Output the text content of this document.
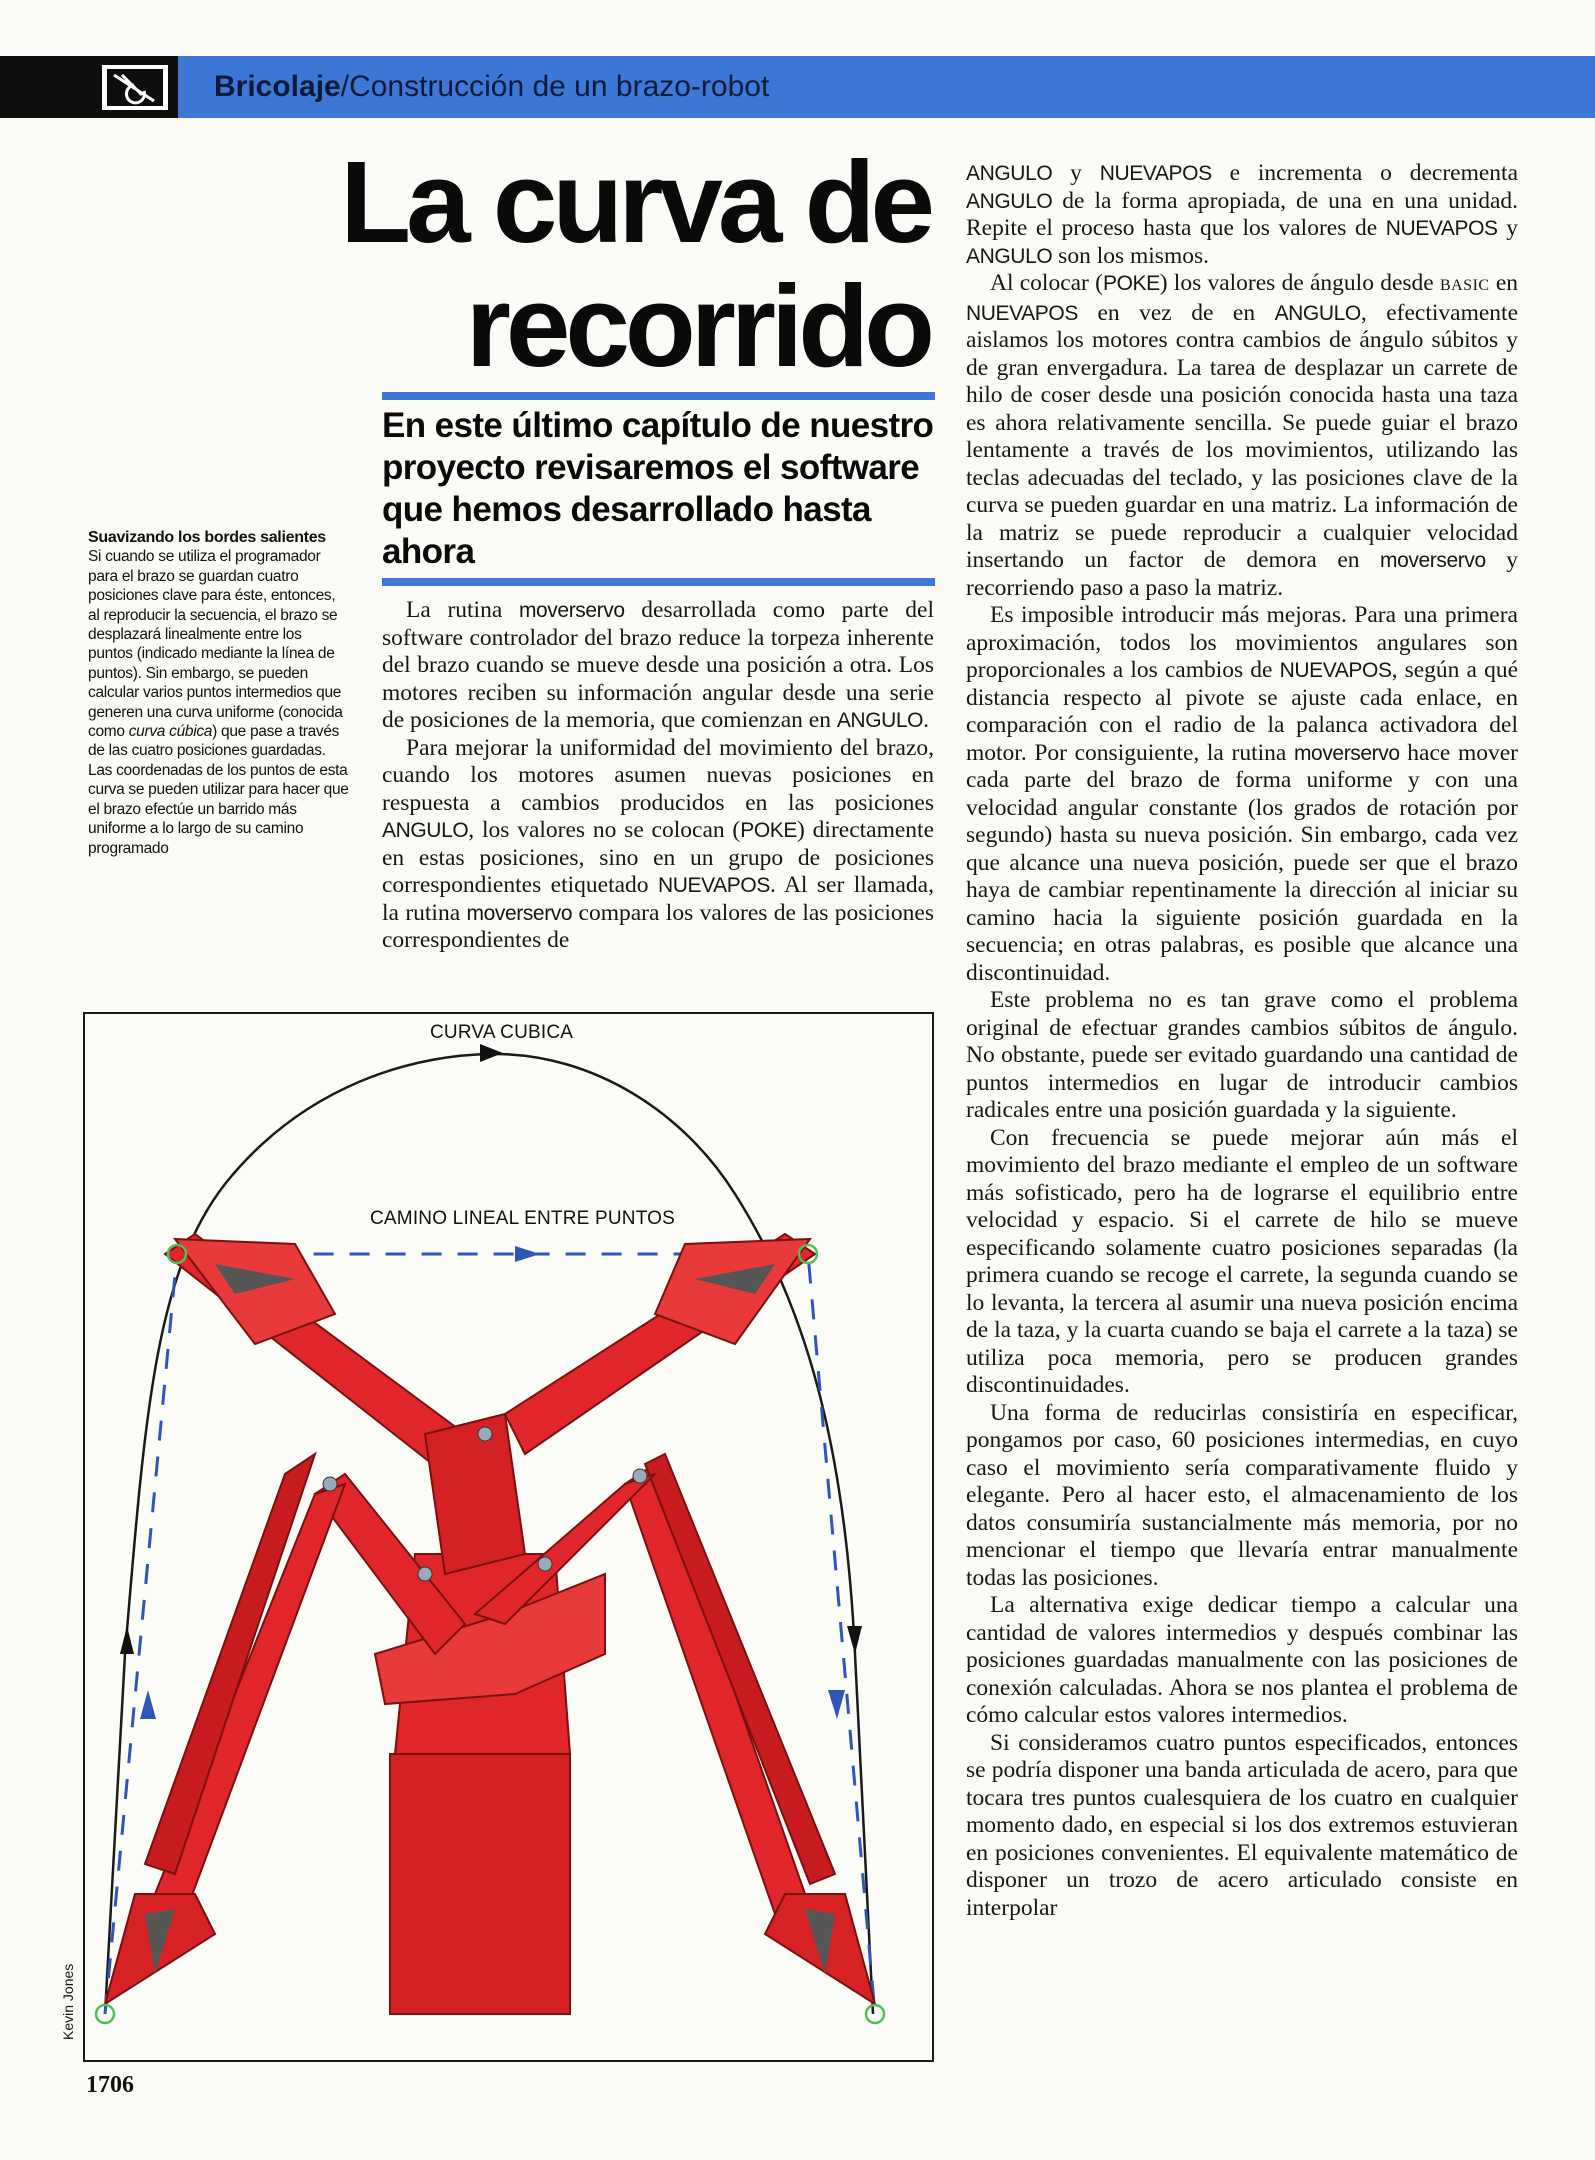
Bricolaje/Construcción de un brazo-robot
La curva de
recorrido
En este último capítulo de nuestro proyecto revisaremos el software que hemos desarrollado hasta ahora
Suavizando los bordes salientes
Si cuando se utiliza el programador para el brazo se guardan cuatro posiciones clave para éste, entonces, al reproducir la secuencia, el brazo se desplazará linealmente entre los puntos (indicado mediante la línea de puntos). Sin embargo, se pueden calcular varios puntos intermedios que generen una curva uniforme (conocida como curva cúbica) que pase a través de las cuatro posiciones guardadas. Las coordenadas de los puntos de esta curva se pueden utilizar para hacer que el brazo efectúe un barrido más uniforme a lo largo de su camino programado

La rutina moverservo desarrollada como parte del software controlador del brazo reduce la torpeza inherente del brazo cuando se mueve desde una posición a otra. Los motores reciben su información angular desde una serie de posiciones de la memoria, que comienzan en ANGULO.

Para mejorar la uniformidad del movimiento del brazo, cuando los motores asumen nuevas posiciones en respuesta a cambios producidos en las posiciones ANGULO, los valores no se colocan (POKE) directamente en estas posiciones, sino en un grupo de posiciones correspondientes etiquetado NUEVAPOS. Al ser llamada, la rutina moverservo compara los valores de las posiciones correspondientes de

ANGULO y NUEVAPOS e incrementa o decrementa ANGULO de la forma apropiada, de una en una unidad. Repite el proceso hasta que los valores de NUEVAPOS y ANGULO son los mismos.

Al colocar (POKE) los valores de ángulo desde BASIC en NUEVAPOS en vez de en ANGULO, efectivamente aislamos los motores contra cambios de ángulo súbitos y de gran envergadura. La tarea de desplazar un carrete de hilo de coser desde una posición conocida hasta una taza es ahora relativamente sencilla. Se puede guiar el brazo lentamente a través de los movimientos, utilizando las teclas adecuadas del teclado, y las posiciones clave de la curva se pueden guardar en una matriz. La información de la matriz se puede reproducir a cualquier velocidad insertando un factor de demora en moverservo y recorriendo paso a paso la matriz.

Es imposible introducir más mejoras. Para una primera aproximación, todos los movimientos angulares son proporcionales a los cambios de NUEVAPOS, según a qué distancia respecto al pivote se ajuste cada enlace, en comparación con el radio de la palanca activadora del motor. Por consiguiente, la rutina moverservo hace mover cada parte del brazo de forma uniforme y con una velocidad angular constante (los grados de rotación por segundo) hasta su nueva posición. Sin embargo, cada vez que alcance una nueva posición, puede ser que el brazo haya de cambiar repentinamente la dirección al iniciar su camino hacia la siguiente posición guardada en la secuencia; en otras palabras, es posible que alcance una discontinuidad.

Este problema no es tan grave como el problema original de efectuar grandes cambios súbitos de ángulo. No obstante, puede ser evitado guardando una cantidad de puntos intermedios en lugar de introducir cambios radicales entre una posición guardada y la siguiente.

Con frecuencia se puede mejorar aún más el movimiento del brazo mediante el empleo de un software más sofisticado, pero ha de lograrse el equilibrio entre velocidad y espacio. Si el carrete de hilo se mueve especificando solamente cuatro posiciones separadas (la primera cuando se recoge el carrete, la segunda cuando se lo levanta, la tercera al asumir una nueva posición encima de la taza, y la cuarta cuando se baja el carrete a la taza) se utiliza poca memoria, pero se producen grandes discontinuidades.

Una forma de reducirlas consistiría en especificar, pongamos por caso, 60 posiciones intermedias, en cuyo caso el movimiento sería comparativamente fluido y elegante. Pero al hacer esto, el almacenamiento de los datos consumiría sustancialmente más memoria, por no mencionar el tiempo que llevaría entrar manualmente todas las posiciones.

La alternativa exige dedicar tiempo a calcular una cantidad de valores intermedios y después combinar las posiciones guardadas manualmente con las posiciones de conexión calculadas. Ahora se nos plantea el problema de cómo calcular estos valores intermedios.

Si consideramos cuatro puntos especificados, entonces se podría disponer una banda articulada de acero, para que tocara tres puntos cualesquiera de los cuatro en cualquier momento dado, en especial si los dos extremos estuvieran en posiciones convenientes. El equivalente matemático de disponer un trozo de acero articulado consiste en interpolar

CURVA CUBICA
CAMINO LINEAL ENTRE PUNTOS
Kevin Jones
1706
